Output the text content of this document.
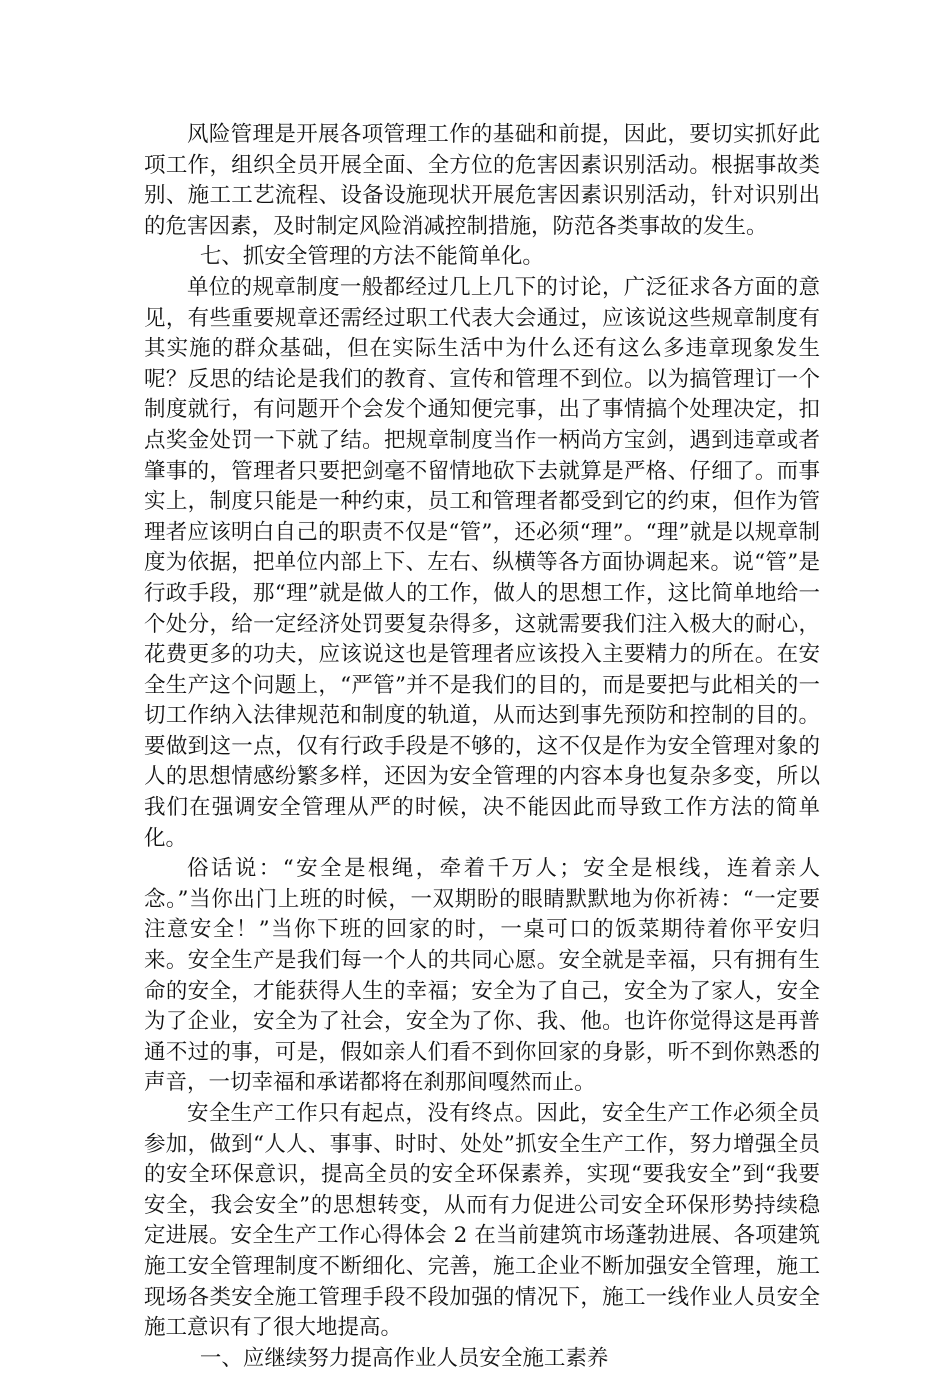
风险管理是开展各项管理工作的基础和前提，因此，要切实抓好此项工作，组织全员开展全面、全方位的危害因素识别活动。根据事故类别、施工工艺流程、设备设施现状开展危害因素识别活动，针对识别出的危害因素，及时制定风险消减控制措施，防范各类事故的发生。

七、抓安全管理的方法不能简单化。

单位的规章制度一般都经过几上几下的讨论，广泛征求各方面的意见，有些重要规章还需经过职工代表大会通过，应该说这些规章制度有其实施的群众基础，但在实际生活中为什么还有这么多违章现象发生呢？反思的结论是我们的教育、宣传和管理不到位。以为搞管理订一个制度就行，有问题开个会发个通知便完事，出了事情搞个处理决定，扣点奖金处罚一下就了结。把规章制度当作一柄尚方宝剑，遇到违章或者肇事的，管理者只要把剑毫不留情地砍下去就算是严格、仔细了。而事实上，制度只能是一种约束，员工和管理者都受到它的约束，但作为管理者应该明白自己的职责不仅是“管”，还必须“理”。“理”就是以规章制度为依据，把单位内部上下、左右、纵横等各方面协调起来。说“管”是行政手段，那“理”就是做人的工作，做人的思想工作，这比简单地给一个处分，给一定经济处罚要复杂得多，这就需要我们注入极大的耐心，花费更多的功夫，应该说这也是管理者应该投入主要精力的所在。在安全生产这个问题上，“严管”并不是我们的目的，而是要把与此相关的一切工作纳入法律规范和制度的轨道，从而达到事先预防和控制的目的。要做到这一点，仅有行政手段是不够的，这不仅是作为安全管理对象的人的思想情感纷繁多样，还因为安全管理的内容本身也复杂多变，所以我们在强调安全管理从严的时候，决不能因此而导致工作方法的简单化。

俗话说：“安全是根绳，牵着千万人；安全是根线，连着亲人念。”当你出门上班的时候，一双期盼的眼睛默默地为你祈祷：“一定要注意安全！”当你下班的回家的时，一桌可口的饭菜期待着你平安归来。安全生产是我们每一个人的共同心愿。安全就是幸福，只有拥有生命的安全，才能获得人生的幸福；安全为了自己，安全为了家人，安全为了企业，安全为了社会，安全为了你、我、他。也许你觉得这是再普通不过的事，可是，假如亲人们看不到你回家的身影，听不到你熟悉的声音，一切幸福和承诺都将在刹那间嘎然而止。

安全生产工作只有起点，没有终点。因此，安全生产工作必须全员参加，做到“人人、事事、时时、处处”抓安全生产工作，努力增强全员的安全环保意识，提高全员的安全环保素养，实现“要我安全”到“我要安全，我会安全”的思想转变，从而有力促进公司安全环保形势持续稳定进展。安全生产工作心得体会 2 在当前建筑市场蓬勃进展、各项建筑施工安全管理制度不断细化、完善，施工企业不断加强安全管理，施工现场各类安全施工管理手段不段加强的情况下，施工一线作业人员安全施工意识有了很大地提高。

一、应继续努力提高作业人员安全施工素养
